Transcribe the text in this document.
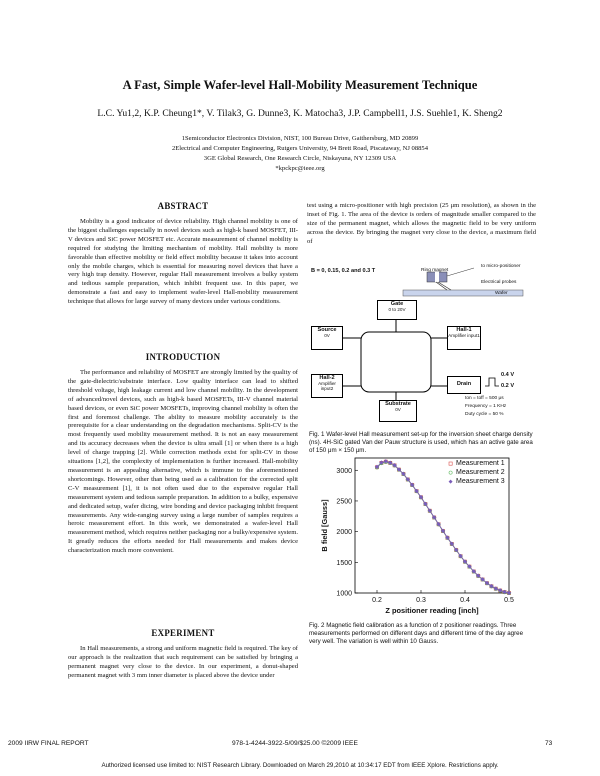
A Fast, Simple Wafer-level Hall-Mobility Measurement Technique
L.C. Yu1,2, K.P. Cheung1*, V. Tilak3, G. Dunne3, K. Matocha3, J.P. Campbell1, J.S. Suehle1, K. Sheng2
1Semiconductor Electronics Division, NIST, 100 Bureau Drive, Gaithersburg, MD 20899
2Electrical and Computer Engineering, Rutgers University, 94 Brett Road, Piscataway, NJ 08854
3GE Global Research, One Research Circle, Niskayuna, NY 12309 USA
*kpckpc@ieee.org
ABSTRACT

Mobility is a good indicator of device reliability. High channel mobility is one of the biggest challenges especially in novel devices such as high-k based MOSFET, III-V devices and SiC power MOSFET etc. Accurate measurement of channel mobility is required for studying the limiting mechanism of mobility. Hall mobility is more favorable than effective mobility or field effect mobility because it takes into account only the mobile charges, which is essential for measuring novel devices that have a very high trap density. However, regular Hall measurement involves a bulky system and tedious sample preparation, which inhibit frequent use. In this paper, we demonstrate a fast and easy to implement wafer-level Hall-mobility measurement technique that allows for large survey of many devices under various conditions.

INTRODUCTION

The performance and reliability of MOSFET are strongly limited by the quality of the gate-dielectric/substrate interface. Low quality interface can lead to shifted threshold voltage, high leakage current and low channel mobility. In the development of advanced/novel devices, such as high-k based MOSFETs, III-V channel material based devices, or even SiC power MOSFETs, improving channel mobility is often the first and foremost challenge. The ability to measure mobility accurately is the prerequisite for a clear understanding on the degradation mechanisms. Split-CV is the most frequently used mobility measurement method. It is not an easy measurement and its accuracy decreases when the device is ultra small [1] or when there is a high level of charge trapping [2]. While correction methods exist for split-CV in those situations [1,2], the complexity of implementation is further increased. Hall-mobility measurement is an appealing alternative, which is immune to the aforementioned shortcomings. However, other than being used as a calibration for the corrected split C-V measurement [1], it is not often used due to the expensive regular Hall measurement system and tedious sample preparation. In addition to a bulky, expensive and dedicated setup, wafer dicing, wire bonding and device packaging inhibit frequent measurements. Any wide-ranging survey using a large number of samples requires a heroic measurement effort. In this work, we demonstrated a wafer-level Hall measurement method, which requires neither packaging nor a bulky/expensive system. It greatly reduces the efforts needed for Hall measurements and makes device characterization much more convenient.

EXPERIMENT

In Hall measurements, a strong and uniform magnetic field is required. The key of our approach is the realization that such requirement can be satisfied by bringing a permanent magnet very close to the device. In our experiment, a donut-shaped permanent magnet with 3 mm inner diameter is placed above the device under

test using a micro-positioner with high precision (25 μm resolution), as shown in the inset of Fig. 1. The area of the device is orders of magnitude smaller compared to the size of the permanent magnet, which allows the magnetic field to be very uniform across the device. By bringing the magnet very close to the device, a maximum field of

B = 0, 0.15, 0.2 and 0.3 T
to micro-positioner
Ring magnet
Electrical probes
Wafer
Gate
0 to 20V
Source
0V
Hall-1
Amplifier input1
Hall-2
Amplifier input2
Drain
Substrate
0V
0.4 V
0.2 V
ton = toff = 500 μs
Frequency = 1 KHz
Duty cycle = 50 %
Fig. 1 Wafer-level Hall measurement set-up for the inversion sheet charge density (ns). 4H-SiC gated Van der Pauw structure is used, which has an active gate area of 150 μm × 150 μm.
0.2	0.3	0.4	0.5
1000
1500
2000
2500
3000
Z positioner reading [inch]
B field [Gauss]
Measurement 1
Measurement 2
Measurement 3
Fig. 2 Magnetic field calibration as a function of z positioner readings. Three measurements performed on different days and different time of the day agree very well. The variation is well within 10 Gauss.
2009 IIRW FINAL REPORT	978-1-4244-3922-5/09/$25.00 ©2009 IEEE	73
Authorized licensed use limited to: NIST Research Library. Downloaded on March 29,2010 at 10:34:17 EDT from IEEE Xplore. Restrictions apply.
